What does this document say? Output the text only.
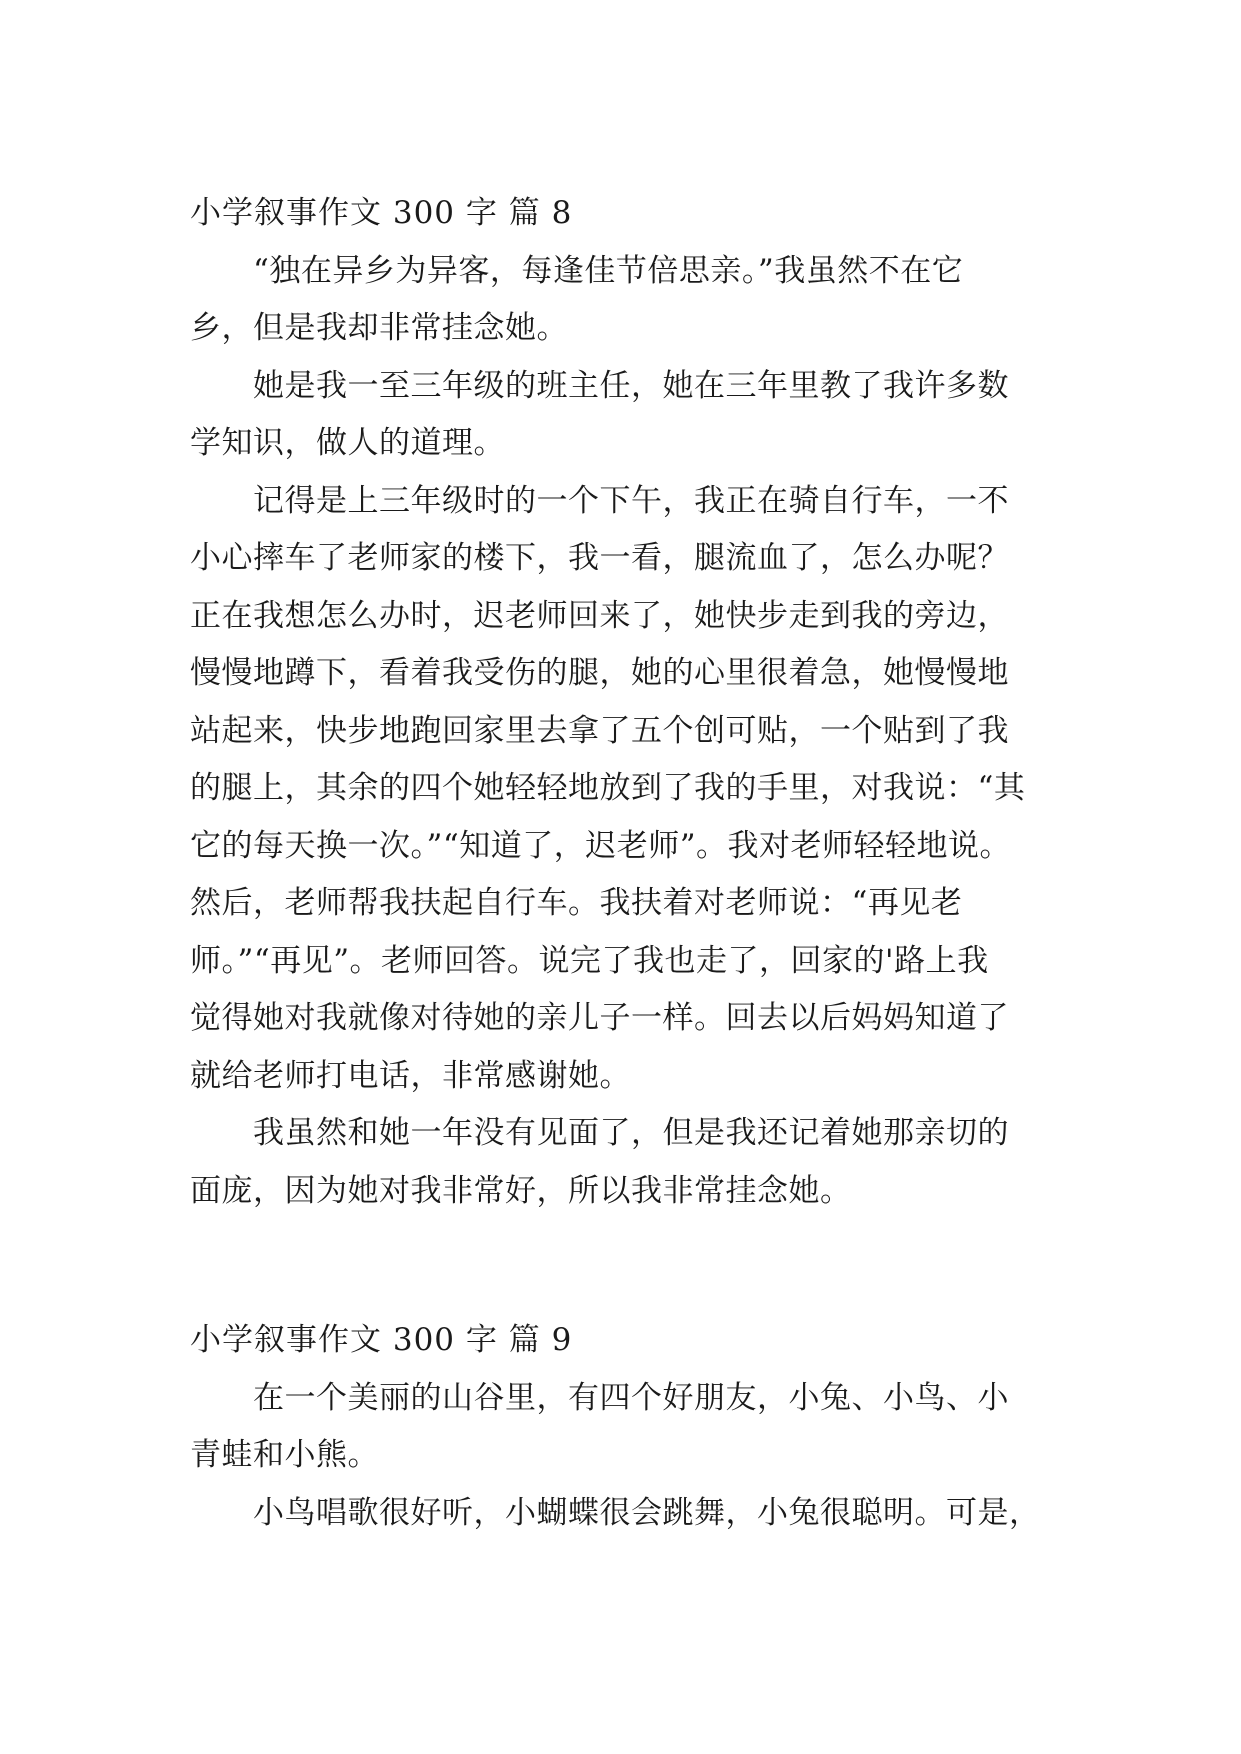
小学叙事作文 300 字 篇 8

“独在异乡为异客，每逢佳节倍思亲。”我虽然不在它

乡，但是我却非常挂念她。

她是我一至三年级的班主任，她在三年里教了我许多数

学知识，做人的道理。

记得是上三年级时的一个下午，我正在骑自行车，一不

小心摔车了老师家的楼下，我一看，腿流血了，怎么办呢？

正在我想怎么办时，迟老师回来了，她快步走到我的旁边，

慢慢地蹲下，看着我受伤的腿，她的心里很着急，她慢慢地

站起来，快步地跑回家里去拿了五个创可贴，一个贴到了我

的腿上，其余的四个她轻轻地放到了我的手里，对我说：“其

它的每天换一次。”“知道了，迟老师”。我对老师轻轻地说。

然后，老师帮我扶起自行车。我扶着对老师说：“再见老

师。”“再见”。老师回答。说完了我也走了，回家的'路上我

觉得她对我就像对待她的亲儿子一样。回去以后妈妈知道了

就给老师打电话，非常感谢她。

我虽然和她一年没有见面了，但是我还记着她那亲切的

面庞，因为她对我非常好，所以我非常挂念她。

小学叙事作文 300 字 篇 9

在一个美丽的山谷里，有四个好朋友，小兔、小鸟、小

青蛙和小熊。

小鸟唱歌很好听，小蝴蝶很会跳舞，小兔很聪明。可是，
